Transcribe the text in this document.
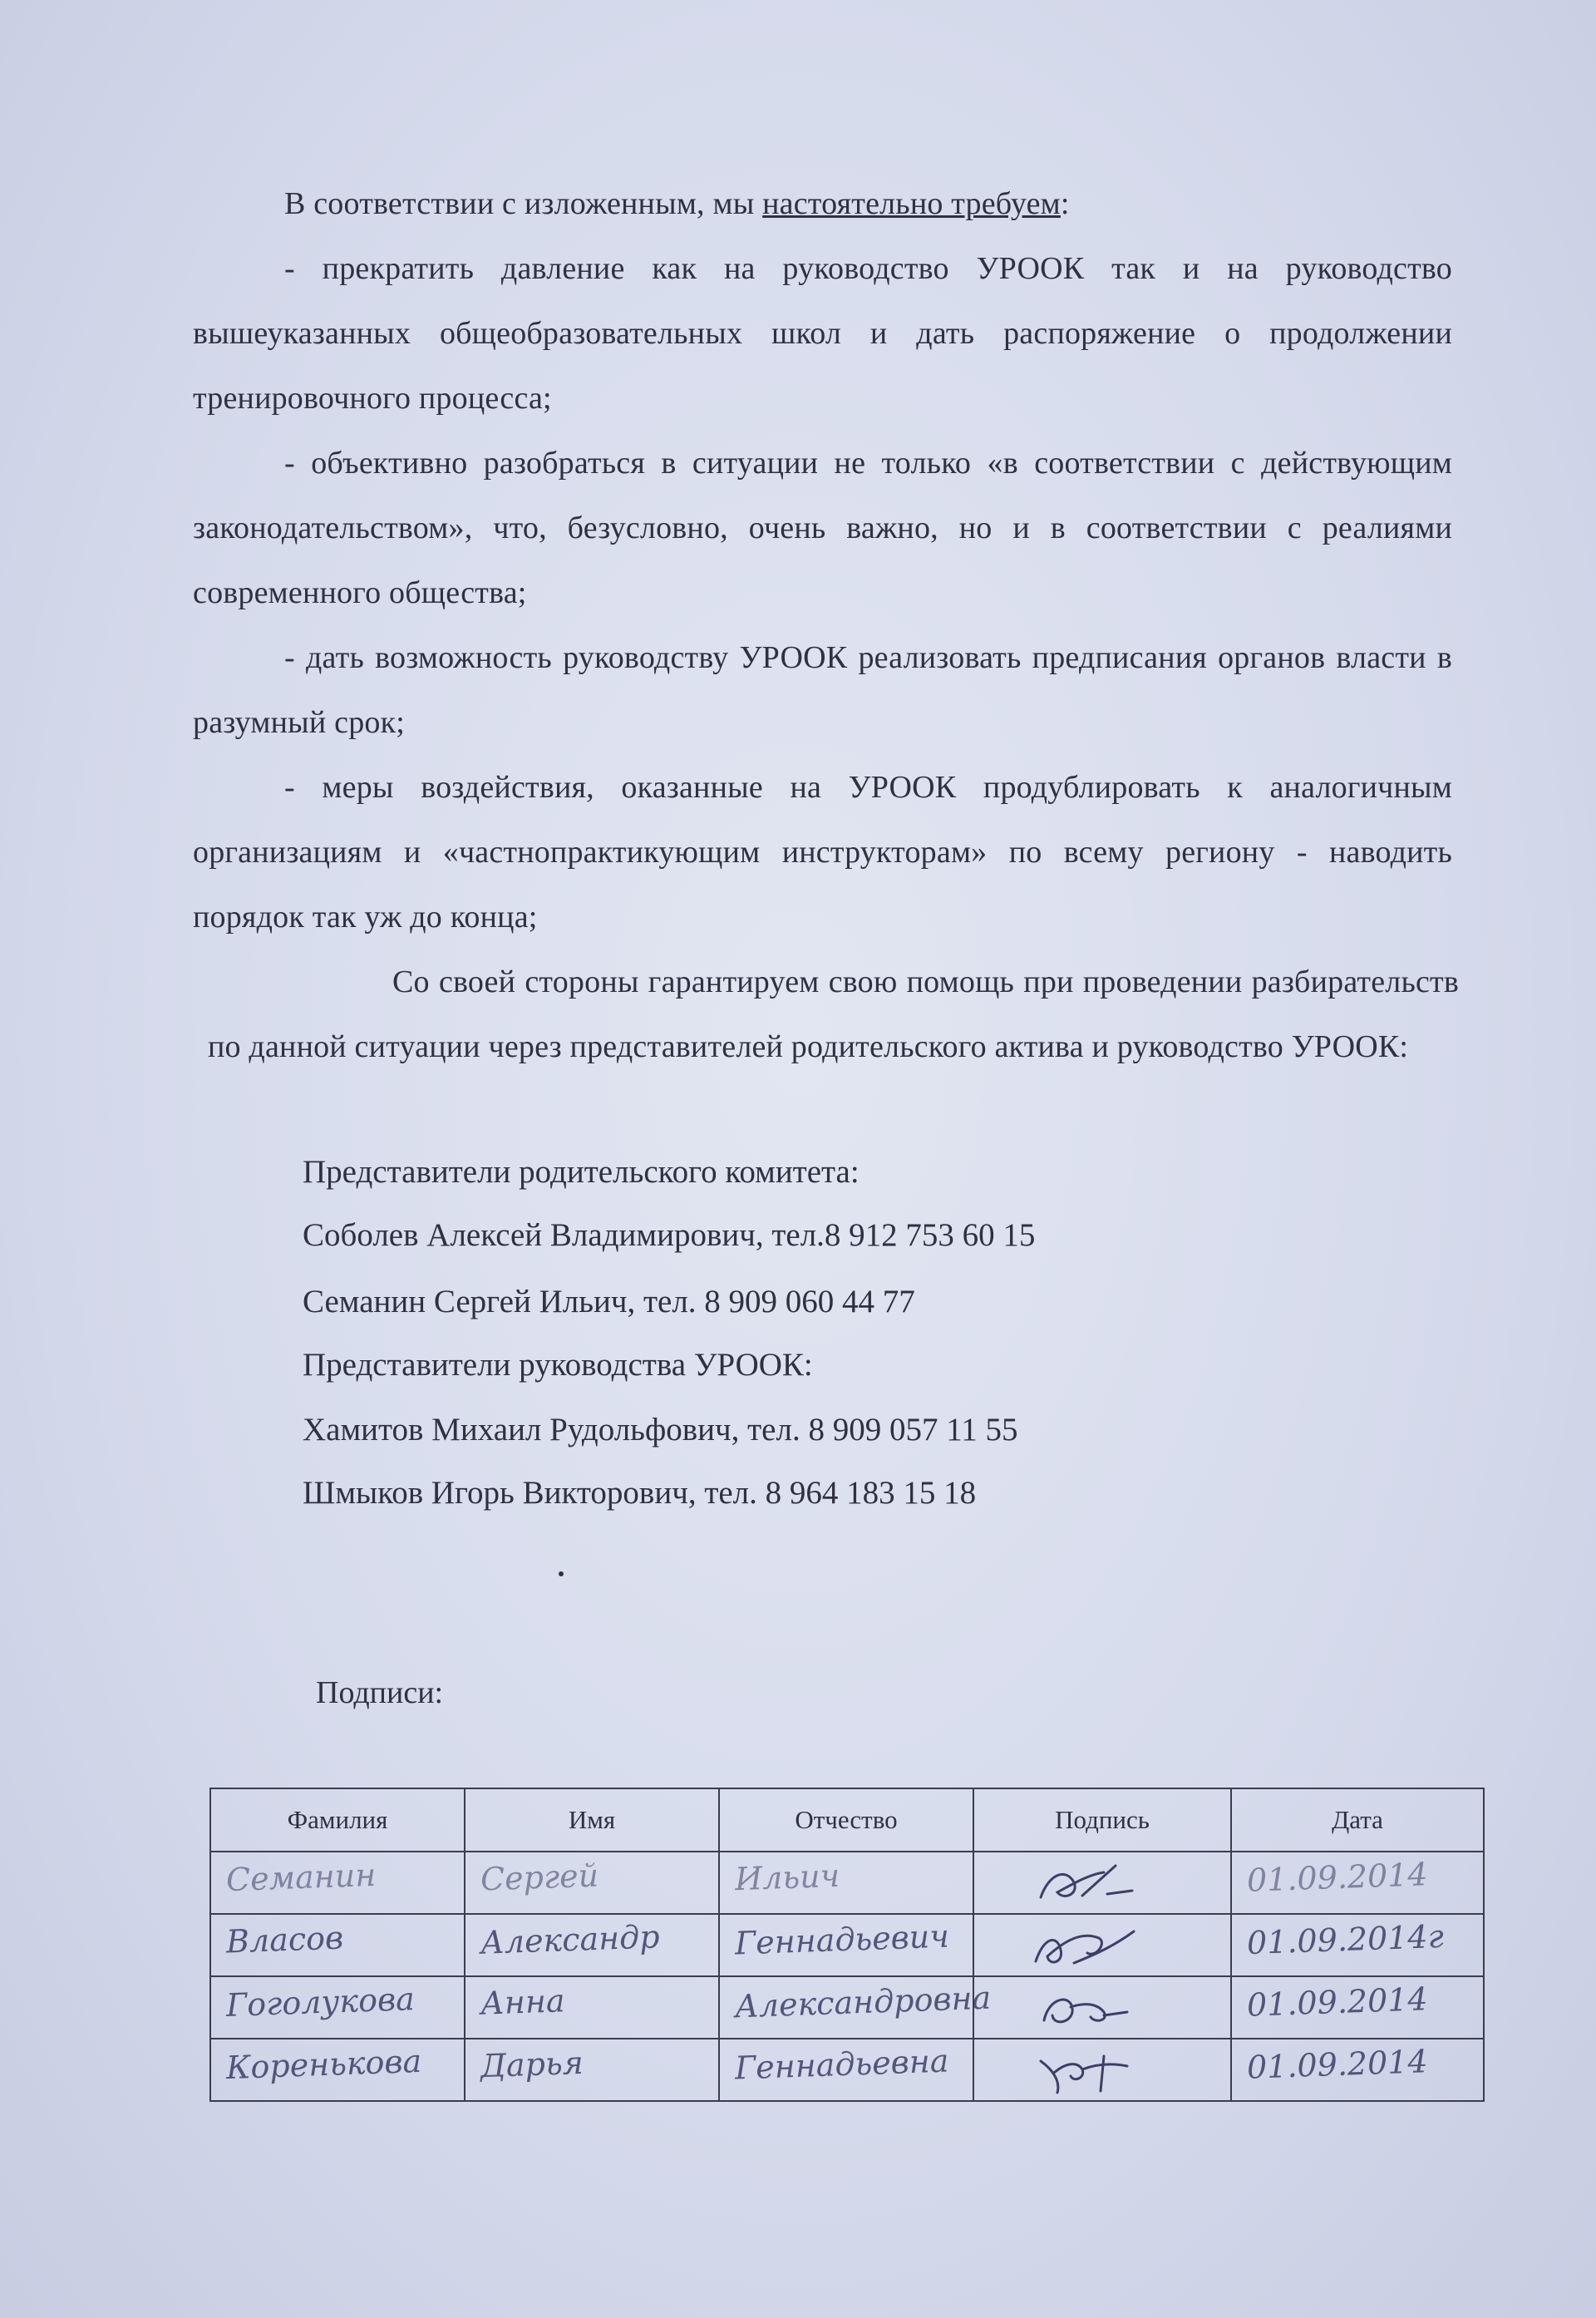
В соответствии с изложенным, мы настоятельно требуем:

- прекратить давление как на руководство УРООК так и на руководство вышеуказанных общеобразовательных школ и дать распоряжение о продолжении тренировочного процесса;

- объективно разобраться в ситуации не только «в соответствии с действующим законодательством», что, безусловно, очень важно, но и в соответствии с реалиями современного общества;

- дать возможность руководству УРООК реализовать предписания органов власти в разумный срок;

- меры воздействия, оказанные на УРООК продублировать к аналогичным организациям и «частнопрактикующим инструкторам» по всему региону - наводить порядок так уж до конца;

Со своей стороны гарантируем свою помощь при проведении разбирательств по данной ситуации через представителей родительского актива и руководство УРООК:

Представители родительского комитета:
Соболев Алексей Владимирович, тел.8 912 753 60 15
Семанин Сергей Ильич, тел. 8 909 060 44 77
Представители руководства УРООК:
Хамитов Михаил Рудольфович, тел. 8 909 057 11 55
Шмыков Игорь Викторович, тел. 8 964 183 15 18
Подписи:
Фамилия	Имя	Отчество	Подпись	Дата

Семанин	Сергей	Ильич		01.09.2014

Власов	Александр	Геннадьевич		01.09.2014г

Гоголукова	Анна	Александровна		01.09.2014

Коренькова	Дарья	Геннадьевна		01.09.2014
